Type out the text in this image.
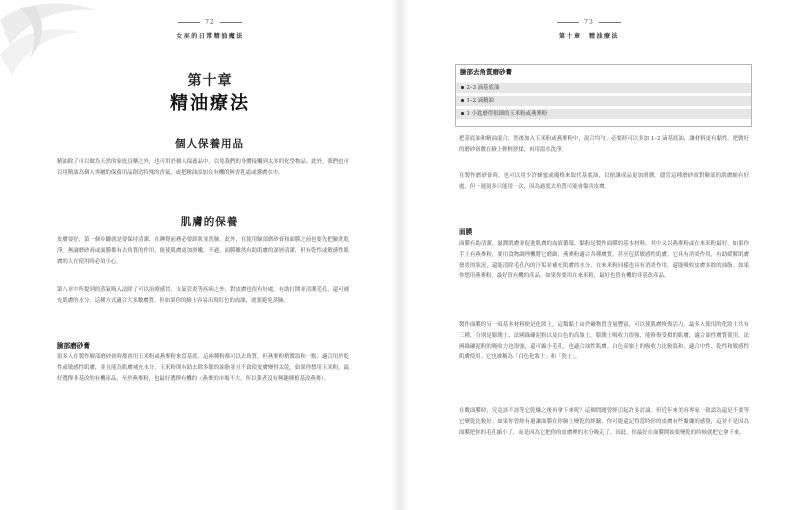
72
女巫的日常精油魔法
第十章
精油療法
個人保養用品

精油除了可以做為天然的家庭良藥之外，也可用於個人保養品中，以免我們的身體接觸到太多的化學物品。此外，我們也可以用精油為個人專屬的保養用品創造特殊的香氣，或把精油添加在有機的無香乳霜或護膚水中。

肌膚的保養

皮膚要好，第一個步驟就是要保持清潔，在睡覺前務必要卸妝並洗臉。此外，在使用臉部磨砂膏和面膜之前也要先把臉洗乾淨。無論磨砂膏或面膜都有去角質的作用，能使肌膚更加滑嫩，不過，面膜雖然有助肌膚的深層清潔，但有乾性或敏感性肌膚的人在使用時必須小心。

第八章中所提到的蒸氣吸入法除了可以治療感冒、支氣管炎等疾病之外，對皮膚也很有好處。有助打開並清潔毛孔，還可補充肌膚的水分。這種方式適合大多數膚質，但如果你的臉上容易出現紅色的血絲，就要避免蒸臉。

臉部磨砂膏

很多人在製作臉部磨砂膏時都會用玉米粉或燕麥粉來當基底。這兩種粉都可以去角質，但燕麥粉稍微溫和一點，適合用於乾性或敏感性肌膚，並且能為肌膚補充水分。玉米粉則有助去除多餘的油脂並且不致使皮膚變得太乾。如果你想用玉米粉，最好選擇非基改的有機產品，至於燕麥粉，也最好選擇有機的（燕麥的市場不大，所以業者沒有興趣種植基改燕麥）。

73
第十章　精油療法
臉部去角質磨砂膏
2–3 滴基底油
1–2 滴精油
1 小匙磨得很細的玉米粉或燕麥粉

把基底油和精油混合，然後加入玉米粉或燕麥粉中，混合均勻。必要時可以多加 1–2 滴基底油，讓材料更有黏性。把做好的磨砂膏敷在臉上輕輕搓揉，再用溫水洗淨。

在製作磨砂膏時，也可以用少許蜂蜜或優格來取代基底油，以便讓成品更加滑潤。儘管這種磨砂膏對臉部的肌膚頗有好處，但一週頂多只能用一次，因為過度去角質可能會傷害皮膚。

面膜

面膜有助清潔，滋潤肌膚並促進肌膚的血液循環。黏粉是製作面膜的基本材料，其中又以燕麥粉或在來米粉最好。如果你手上有燕麥粉，要用食物調理機將它磨細，燕麥粉適合各種膚質，甚至包括敏感性肌膚。它具有消炎作用，有助緩解肌膚發炎的狀況，還能清除毛孔內的汙垢並補充肌膚的水分。在來米粉同樣也具有消炎作用，還能吸收皮膚多餘的油脂。如果你想用燕麥粉，最好買有機的產品。如果你要用在來米粉，最好也買有機的非基改產品。

製作面膜的另一項基本材料便是化妝土，這類黏土由於礦物質含量豐富，可以使肌膚恢復活力。最多人使用的化妝土共有三種，分別是膨潤土、法國綠礦泥粉以及白色的高嶺土。膨潤土吸收力很強，能修復受損的肌膚，適合油性膚質使用。法國綠礦泥粉的吸收力也很強，還可縮小毛孔，也適合油性肌膚。白色高嶺土的吸收力比較溫和，適合中性、乾性和敏感性肌膚使用。它也被稱為「白色化妝土」和「瓷土」。

在數面膜時，究竟該不該等它乾燥之後再拿下來呢？這個問題曾經引起許多討論。但近年來美容專家一致認為還是不要等它變乾比較好。如果你曾經有過讓面膜在你臉上變乾的經驗，你可能還記得當時你的皮膚有些緊繃的感覺，這並不是因為面膜把你的毛孔縮小了，而是因為它把你的皮膚裡的水分吸走了。因此，你最好在面膜開始要變乾的時候就把它拿下來。
